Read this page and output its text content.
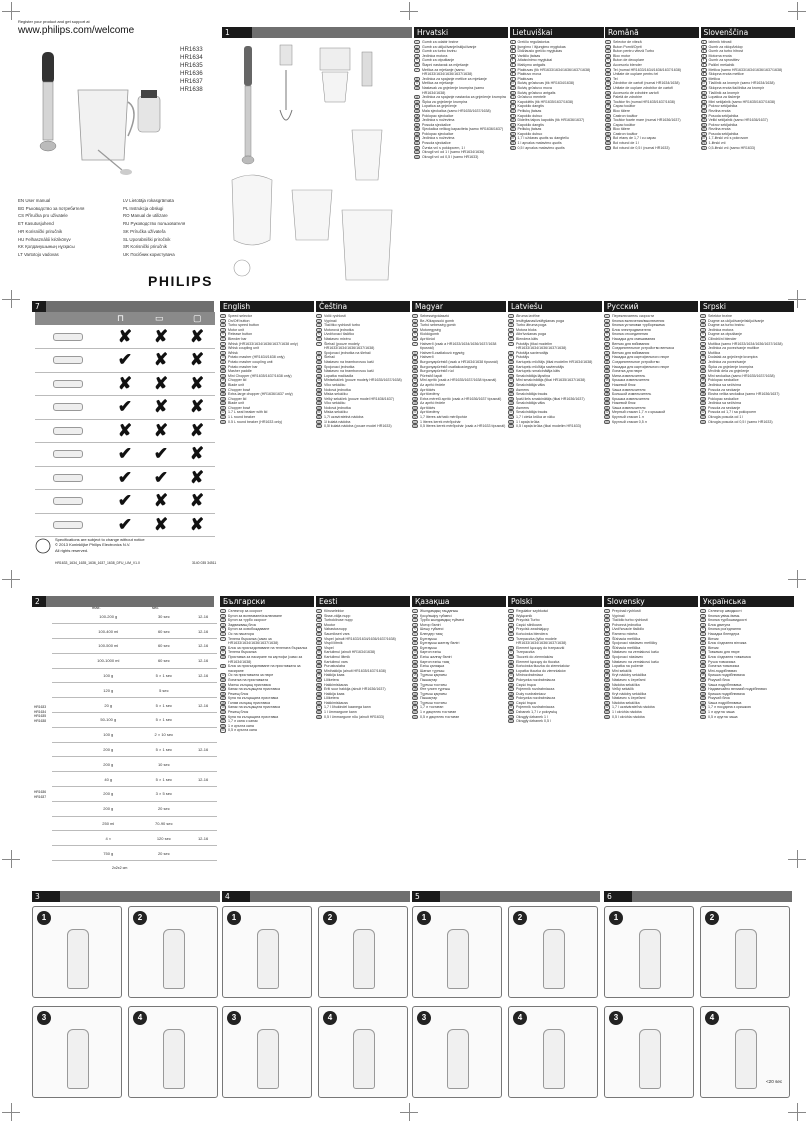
Register your product and get support at
www.philips.com/welcome
HR1633
HR1634
HR1635
HR1636
HR1637
HR1638
EN User manual
BG Ръководство за потребителя
CS Příručka pro uživatele
ET Kasutusjuhend
HR Korisnički priručnik
HU Felhasználói kézikönyv
KK Қолданушының нұсқасы
LT Vartotojo vadovas
LV Lietotāja rokasgrāmata
PL Instrukcja obsługi
RO Manual de utilizare
RU Руководство пользователя
SK Príručka užívateľa
SL Uporabniški priročnik
SR Korisnički priručnik
UK Посібник користувача
PHILIPS
1	Hrvatski
1	Gumb za odabir brzine
2	Gumb za uključivanje/isključivanje
3	Gumb za turbo brzinu
4	Jedinica motora
5	Gumb za otpuštanje
6	Štapni nastavak za miješanje
7	Metlica za mješanje (samo HR1633/1634/1636/1637/1638)
8	Jedinica za spajanje metlice za mješanje
9	Metlica za mješanje
10 Nastavak za gnječenje krumpira (samo HR1634/1638)
11	Jedinica za spajanje nastavka za gnječenje krumpira
12 Šipka za gnječenje krumpira
13 Lopatica za gnječenje
14 Mala sjeckalica (samo HR1635/1637/1638)
15 Poklopac sjeckalice
16 Jedinica s noževima
17 Posuda sjeckalice
18 Sjeckalica velikog kapaciteta (samo HR1636/1637)
19 Poklopac sjeckalice
20 Jedinica s noževima
21 Posuda sjeckalice
22 Čvrsta vrč s poklopcem, 1 l
23 Okrugli vrč od 1 l (samo HR1634/1636)
24 Okrugli vrč od 0,5 l (samo HR1633)
Lietuviškai
1	Greičio reguliatorius
2	Įjungimo / išjungimo mygtukas
3	Didžiausio greičio mygtukas
4	Variklio įtaisas
5	Atlaisvinimo mygtukai
6	Maišymo antgalis
7	Plaktuvas (tik HR1633/1634/1636/1637/1638)
8	Plaktuvo mova
9	Plaktuvas
10 Bulvių grūstuvas (tik HR1634/1638)
11	Bulvių grūstuvo mova
12 Bulvių grūstuvo antgalis
13 Grūstuvo mentelė
14 Kapoklėlis (tik HR1635/1637/1638)
15 Kapoklio dangtis
16 Peiliukų įtaisas
17 Kapoklio dubuo
18 Didelės talpos kapoklis (tik HR1636/1637)
19 Kapoklio dangtis
20 Peiliukų įtaisas
21 Kapoklio dubuo
22 1,7 l uždaras ąsotis su dangteliu
23 1 l apvalus matavimo ąsotis
24 0,5 l apvalus matavimo ąsotis
Română
1	Selector de viteză
2	Buton Pornit/Oprit
3	Buton pentru viteză Turbo
4	Bloc motor
5	Buton de decuplare
6	Accesoriu blender
7	Tel (numai HR1633/1634/1636/1637/1638)
8	Unitate de cuplare pentru tel
9	Tel
10 Zdrobitor de cartofi (numai HR1634/1638)
11	Unitate de cuplare zdrobitor de cartofi
12 Accesoriu de zdrobire cartofi
13 Paletă de zdrobire
14 Tocător fin (numai HR1635/1637/1638)
15 Capac tocător
16 Bloc tăiere
17 Castron tocător
18 Tocător foarte mare (numai HR1636/1637)
19 Capac tocător
20 Bloc tăiere
21 Castron tocător
22 Bol etanș de 1,7 l cu capac
23 Bol rotund de 1 l
24 Bol rotund de 0,5 l (numai HR1633)
Slovenščina
1	Izbirnik hitrosti
2	Gumb za vklop/izklop
3	Gumb za turbo hitrost
4	Motorna enota
5	Gumb za sprostitev
6	Palični mešalnik
7	Metlica (samo HR1633/1634/1636/1637/1638)
8	Sklopna enota metlice
9	Metlica
10 Tlačilnik za krompir (samo HR1634/1638)
11	Sklopna enota tlačilnika za krompir
12 Tlačilnik za krompir
13 Lopatica za tlačenje
14 Mini sekljalnik (samo HR1635/1637/1638)
15 Pokrov sekljalnika
16 Rezilna enota
17 Posoda sekljalnika
18 Veliki sekljalnik (samo HR1636/1637)
19 Pokrov sekljalnika
20 Rezilna enota
21 Posoda sekljalnika
22 1,7-litrski vrč s pokrovom
23 1-litrski vrč
24 0,5-litrski vrč (samo HR1633)
7
⊓	▭	▢
	✘	✘	✘
	✔	✘	✘
	✘	✘	✘
	✔	✘	✘
	✘	✘	✘
	✔	✔	✘
	✔	✔	✘
	✔	✘	✘
	✔	✘	✘
Specifications are subject to change without notice
© 2013 Koninklijke Philips Electronics N.V.
All rights reserved.
HR1633_1634_1635_1636_1637_1638_DFU_LIM_V1.0	3140 035 34511
English
1	Speed selector
2	On/Off button
3	Turbo speed button
4	Motor unit
5	Release button
6	Blender bar
7	Whisk (HR1633/1634/1636/1637/1638 only)
8	Whisk coupling unit
9	Whisk
10 Potato masher (HR1634/1638 only)
11	Potato masher coupling unit
12 Potato masher bar
13 Masher paddle
14 Mini Chopper (HR1635/1637/1638 only)
15 Chopper lid
16 Blade unit
17 Chopper bowl
18 Extra-large chopper (HR1636/1637 only)
19 Chopper lid
20 Blade unit
21 Chopper bowl
22 1.7 L seal beaker with lid
23 1 L round beaker
24 0.5 L round beaker (HR1633 only)
Čeština
1	Volič rychlosti
2	Vypínač
3	Tlačítko rychlosti turbo
4	Motorová jednotka
5	Uvolňovací tlačítko
6	Nástavec mixéru
7	Šlehač (pouze modely HR1633/1634/1636/1637/1638)
8	Spojovací jednotka na šlehač
9	Šlehač
10 Nástavec na bramborovou kaši
11	Spojovací jednotka
12 Nástavec na bramborovou kaši
13 Lopatka mačkadla
14 Minisekáček (pouze modely HR1635/1637/1638)
15 Víko sekáčku
16 Nožová jednotka
17 Miska sekáčku
18 Velký sekáček (pouze model HR1636/1637)
19 Víko sekáčku
20 Nožová jednotka
21 Miska sekáčku
22 1,7l uzavíratelná nádoba
23 1l kulatá nádoba
24 0,5l kulatá nádoba (pouze model HR1633)
Magyar
1	Sebességválasztó
2	Be-/Kikapcsoló gomb
3	Turbó sebesség gomb
4	Motoregység
5	Kioldógomb
6	Aprítórúd
7	Habverő (csak a HR1633/1634/1636/1637/1638 típusnál)
8	Habverő-csatlakozó egység
9	Habverő
10 Burgonyapüréstő (csak a HR1634/1638 típusnál)
11	Burgonyapüréstő csatlakozóegység
12 Burgonyapüréstő rúd
13 Pürésítő lapát
14 Mini aprító (csak a HR1635/1637/1638 típusnál)
15 Az aprító fedele
16 Aprítókés
17 Aprítóedény
18 Extra méretű aprító (csak a HR1636/1637 típusnál)
19 Az aprító fedele
20 Aprítókés
21 Aprítóedény
22 1,7 literes zárható mérőpohár
23 1 literes kerek mérőpohár
24 0,5 literes kerek mérőpohár (csak a HR1633 típusnál)
Latviešu
1	Ātruma izvēlne
2	Ieslēgšanas/izslēgšanas poga
3	Turbo ātruma poga
4	Motora bloks
5	Atbrīvošanas poga
6	Blendera kāts
7	Putotājs (tikai modelim HR1633/1634/1636/1637/1638)
8	Putotāja savienotājs
9	Putotājs
10 Kartupeļu mīcītājs (tikai modelim HR1634/1638)
11	Kartupeļu mīcītāja savienotājs
12 Kartupeļu smalcinātāja kāts
13 Smalcinātāja lāpstiņa
14 Mini smalcinātājs (tikai HR1635/1637/1638)
15 Smalcinātāja vāks
16 Asmens
17 Smalcinātāja trauks
18 Īpaši liels smalcinātājs (tikai HR1636/1637)
19 Smalcinātāja vāks
20 Asmens
21 Smalcinātāja trauks
22 1,7 l cieša krūka ar vāku
23 1 l apaļa krūka
24 0,5 l apaļa krūka (tikai modelim HR1633)
Русский
1	Переключатель скорости
2	Кнопка включения/выключения
3	Кнопка установки турборежима
4	Блок электродвигателя
5	Кнопка отсоединения
6	Насадка для смешивания
7	Венчик для взбивания
8	Соединительное устройство венчика
9	Венчик для взбивания
10 Насадка для картофельного пюре
11	Соединительное устройство
12 Насадка для картофельного пюре
13 Лопатка для пюре
14 Мини-измельчитель
15 Крышка измельчителя
16 Ножевой блок
17 Чаша измельчителя
18 Большой измельчитель
19 Крышка измельчителя
20 Ножевой блок
21 Чаша измельчителя
22 Мерный стакан 1,7 л с крышкой
23 Круглый стакан 1 л
24 Круглый стакан 0,5 л
Srpski
1	Selektor brzine
2	Dugme za uključivanje/isključivanje
3	Dugme za turbo brzinu
4	Jedinica motora
5	Dugme za otpuštanje
6	Cilindrični blender
7	Mutilica (samo HR1633/1634/1636/1637/1638)
8	Jedinica za povezivanje mutilice
9	Mutilica
10 Dodatak za gnječenje krompira
11	Jedinica za povezivanje
12 Šipka za gnječenje krompira
13 Mrvilnik dela za gnječenje
14 Mini seckalica (samo HR1635/1637/1638)
15 Poklopac seckalice
16 Jedinica sa sečivima
17 Posuda za seckanje
18 Ekstra velika seckalica (samo HR1636/1637)
19 Poklopac seckalice
20 Jedinica sa sečivima
21 Posuda za seckanje
22 Posuda od 1,7 l sa poklopcem
23 Okrugla posuda od 1 l
24 Okrugla posuda od 0,5 l (samo HR1633)
2
max.	sec.
	100-200 g	30 sec	12-16
	100-400 ml	60 sec	12-16
	100-500 ml	60 sec	12-16
	100-1000 ml	60 sec	12-16
	100 g	5 × 1 sec	12-16
	120 g	5 sec	
	20 g	5 × 1 sec	12-16
	50-100 g	5 × 1 sec	
	100 g	2 × 10 sec	
	200 g	5 × 1 sec	12-16
	200 g	10 sec	
	40 g	5 × 1 sec	12-16
	200 g	3 × 5 sec	
	200 g	20 sec	
	250 ml	70-90 sec	
	4 ×	120 sec	12-16
	750 g	20 sec	
HR1633 HR1634 HR1635 HR1638
HR1636 HR1637
2x2x2 cm
Български
1	Селектор за скорост
2	Бутон за включване/изключване
3	Бутон за турбо скорост
4	Задвижващ блок
5	Бутон за освобождаване
6	Ос на пасатора
7	Телена бъркалка (само за HR1633/1634/1636/1637/1638)
8	Блок за присъединяване на телената бъркалка
9	Телена бъркалка
10 Приставка за пасиране на картофи (само за HR1634/1638)
11	Блок за присъединяване на приставката за пасиране
12 Ос на приставката за пюре
13 Лопатка на приставката
14 Малък кълцащ приставка
15 Капак на кълцащата приставка
16 Режещ блок
17 Купа на кълцащата приставка
18 Голям кълцащ приставка
19 Капак на кълцащата приставка
20 Режещ блок
21 Купа на кълцащата приставка
22 1,7 л кана с капак
23 1 л кръгла кана
24 0,5 л кръгла кана
Eesti
1	Kiiruselektor
2	Sisse-välja nupp
3	Turbokiiruse nupp
4	Mootor
5	Vabastusnupp
6	Saumikseri vars
7	Vispel (ainult HR1633/1634/1636/1637/1638)
8	Vispli liitmik
9	Vispel
10 Kartulimui (ainult HR1634/1638)
11	Kartulimui liitmik
12 Kartulimui vars
13 Purustuslaba
14 Minihakkija (ainult HR1635/1637/1638)
15 Hakkija kaas
16 Lõiketera
17 Hakkimiskauss
18 Eriti suur hakkija (ainult HR1636/1637)
19 Hakkija kaas
20 Lõiketera
21 Hakkimiskauss
22 1,7 l õhukindel kaanega kann
23 1 l ümmargune kann
24 0,5 l ümmargune nõu (ainult HR1633)
Қазақша
1	Жылдамдық таңдағыш
2	Қосу/өшіру түймесі
3	Турбо жылдамдық түймесі
4	Мотор бөлігі
5	Шешу түймесі
6	Блендер таяқ
7	Бұлғауыш
8	Бұлғауыш жалғау бөлігі
9	Бұлғауыш
10 Картоп езгіш
11	Езгіш жалғау бөлігі
12 Картоп езгіш таяқ
13 Езгіш қалақша
14 Шағын тұрғыш
15 Тұрғыш қақпағы
16 Пышақтар
17 Тұрғыш тостағы
18 Өте үлкен тұрғыш
19 Тұрғыш қақпағы
20 Пышақтар
21 Тұрғыш тостағы
22 1,7 л тостаған
23 1 л дөңгелек тостаған
24 0,5 л дөңгелек тостаған
Polski
1	Regulator szybkości
2	Wyłącznik
3	Przycisk Turbo
4	Część silnikowa
5	Przycisk zwalniający
6	Końcówka blendera
7	Trzepaczka (tylko modele HR1633/1634/1636/1637/1638)
8	Element łączący do trzepaczki
9	Trzepaczka
10 Tłuczek do ziemniaków
11	Element łączący do tłuczka
12 Końcówka tłuczka do ziemniaków
13 Łopatka tłuczka do ziemniaków
14 Minirozdrabniacz
15 Pokrywka rozdrabniacza
16 Część tnąca
17 Pojemnik rozdrabniacza
18 Duży rozdrabniacz
19 Pokrywka rozdrabniacza
20 Część tnąca
21 Pojemnik rozdrabniacza
22 Dzbanek 1,7 l z pokrywką
23 Okrągły dzbanek 1 l
24 Okrągły dzbanek 0,5 l
Slovensky
1	Prepínač rýchlosti
2	Vypínač
3	Tlačidlo turbo rýchlosti
4	Pohonná jednotka
5	Uvoľňovacie tlačidlo
6	Ramenо mixéra
7	Šľahacia metlička
8	Spojovací nástavec metličky
9	Šľahacia metlička
10 Nástavec na zemiakovú kašu
11	Spojovací nástavec
12 Nástavec na zemiakovú kašu
13 Lopatka na pučenie
14 Mini sekáčik
15 Kryt nádoby sekáčika
16 Nástavec s čepeľami
17 Nádoba sekáčika
18 Veľký sekáčik
19 Kryt nádoby sekáčika
20 Nástavec s čepeľami
21 Nádoba sekáčika
22 1,7 l uzatvárateľná nádoba
23 1 l okrúhla nádoba
24 0,5 l okrúhla nádoba
Українська
1	Селектор швидкості
2	Кнопка увімк./вимк.
3	Кнопка турбошвидкості
4	Блок двигуна
5	Кнопка роз'єднання
6	Насадка блендера
7	Вінчик
8	Блок з'єднання вінчика
9	Вінчик
10 Товкачик для пюре
11	Блок з'єднання товкачика
12 Ручка товкачика
13 Лопатка товкачика
14 Міні-подрібнювач
15 Кришка подрібнювача
16 Ріжучий блок
17 Чаша подрібнювача
18 Надзвичайно великий подрібнювач
19 Кришка подрібнювача
20 Ріжучий блок
21 Чаша подрібнювача
22 1,7 л посудина з кришкою
23 1 л кругла чаша
24 0,5 л кругла чаша
3
1	2
3	4
4
1	2
3	4
5
1	2
3	4
6
1	2
3	4
<20 sec
